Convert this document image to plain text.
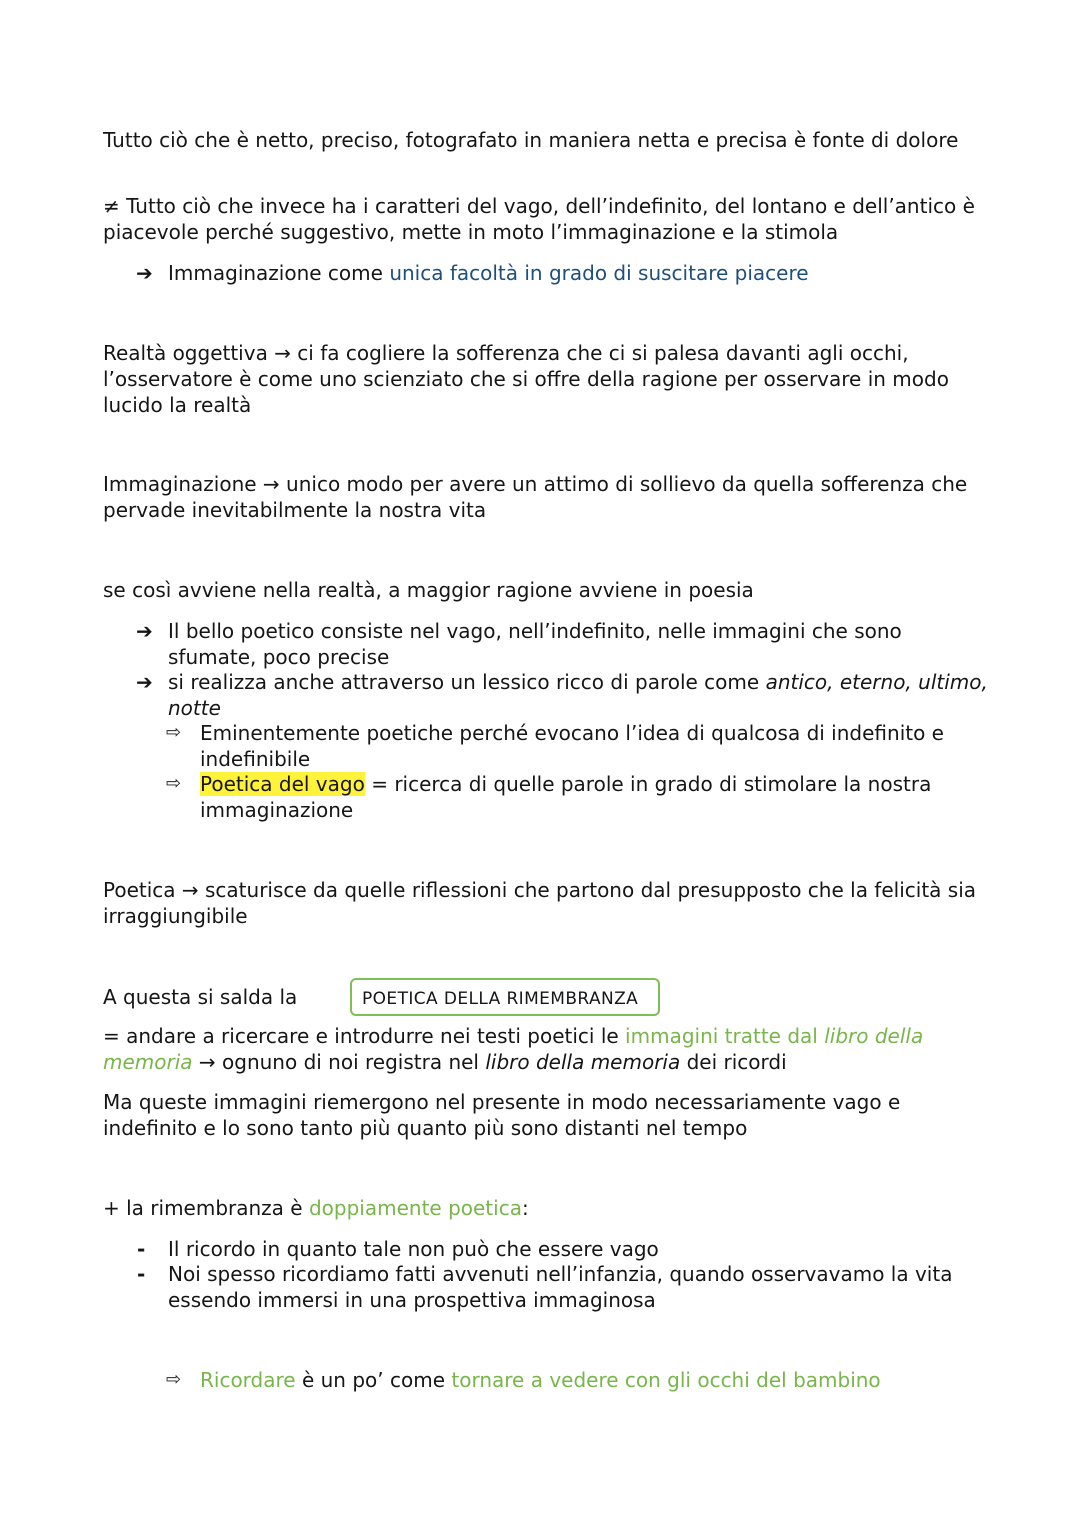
Tutto ciò che è netto, preciso, fotografato in maniera netta e precisa è fonte di dolore

≠ Tutto ciò che invece ha i caratteri del vago, dell’indefinito, del lontano e dell’antico è piacevole perché suggestivo, mette in moto l’immaginazione e la stimola

➔ Immaginazione come unica facoltà in grado di suscitare piacere

Realtà oggettiva → ci fa cogliere la sofferenza che ci si palesa davanti agli occhi, l’osservatore è come uno scienziato che si offre della ragione per osservare in modo lucido la realtà

Immaginazione → unico modo per avere un attimo di sollievo da quella sofferenza che pervade inevitabilmente la nostra vita

se così avviene nella realtà, a maggior ragione avviene in poesia

➔ Il bello poetico consiste nel vago, nell’indefinito, nelle immagini che sono sfumate, poco precise

➔ si realizza anche attraverso un lessico ricco di parole come antico, eterno, ultimo, notte

⇨ Eminentemente poetiche perché evocano l’idea di qualcosa di indefinito e indefinibile

⇨ Poetica del vago = ricerca di quelle parole in grado di stimolare la nostra immaginazione

Poetica → scaturisce da quelle riflessioni che partono dal presupposto che la felicità sia irraggiungibile

A questa si salda la	POETICA DELLA RIMEMBRANZA

= andare a ricercare e introdurre nei testi poetici le immagini tratte dal libro della memoria → ognuno di noi registra nel libro della memoria dei ricordi

Ma queste immagini riemergono nel presente in modo necessariamente vago e indefinito e lo sono tanto più quanto più sono distanti nel tempo

+ la rimembranza è doppiamente poetica:

- Il ricordo in quanto tale non può che essere vago

- Noi spesso ricordiamo fatti avvenuti nell’infanzia, quando osservavamo la vita essendo immersi in una prospettiva immaginosa

⇨ Ricordare è un po’ come tornare a vedere con gli occhi del bambino
